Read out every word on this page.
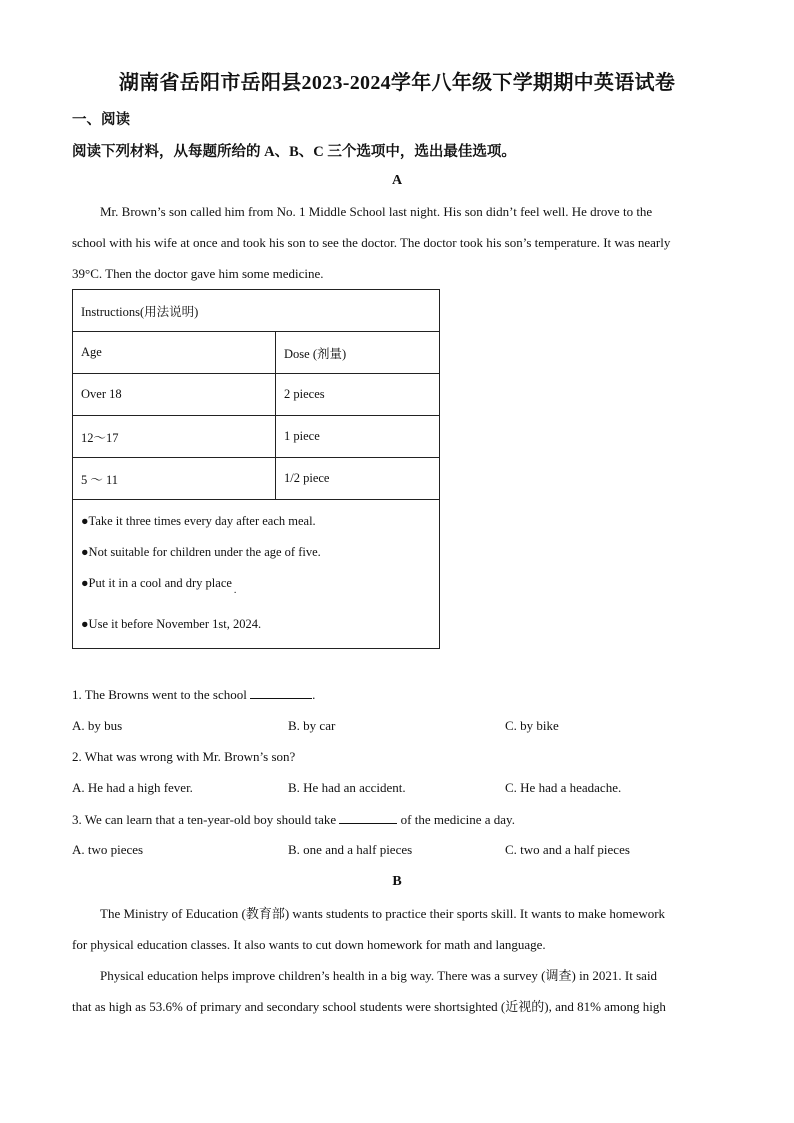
湖南省岳阳市岳阳县2023-2024学年八年级下学期期中英语试卷
一、阅读
阅读下列材料，从每题所给的 A、B、C 三个选项中，选出最佳选项。
A
Mr. Brown’s son called him from No. 1 Middle School last night. His son didn’t feel well. He drove to the
school with his wife at once and took his son to see the doctor. The doctor took his son’s temperature. It was nearly
39°C. Then the doctor gave him some medicine.
Instructions(用法说明)	
Age	Dose (剂量)
Over 18	2 pieces
12～17	1 piece
5 ～ 11	1/2 piece

●Take it three times every day after each meal.
●Not suitable for children under the age of five.
●Put it in a cool and dry place$_.$
●Use it before November 1st, 2024.	
1. The Browns went to the school	.
A. by bus	B. by car	C. by bike
2. What was wrong with Mr. Brown’s son?
A. He had a high fever.	B. He had an accident.	C. He had a headache.
3. We can learn that a ten-year-old boy should take	of the medicine a day.
A. two pieces	B. one and a half pieces	C. two and a half pieces
B
The Ministry of Education (教育部) wants students to practice their sports skill. It wants to make homework
for physical education classes. It also wants to cut down homework for math and language.
Physical education helps improve children’s health in a big way. There was a survey (调查) in 2021. It said
that as high as 53.6% of primary and secondary school students were shortsighted (近视的), and 81% among high
